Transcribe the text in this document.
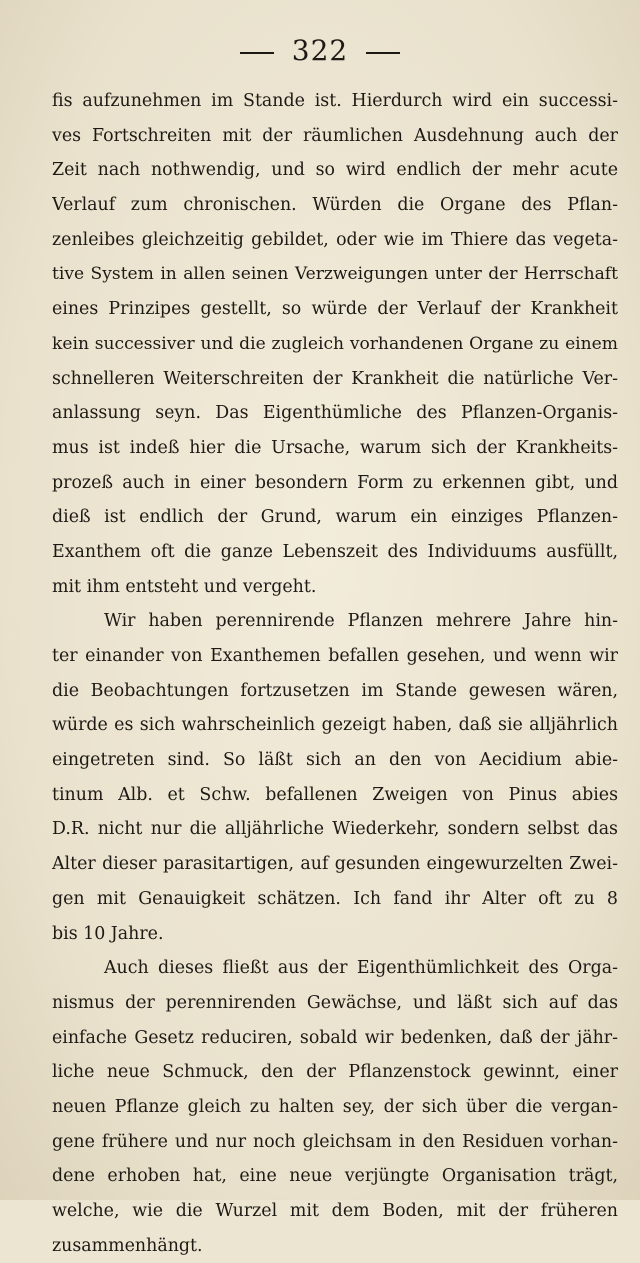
322
fis aufzunehmen im Stande ist. Hierdurch wird ein successi-
ves Fortschreiten mit der räumlichen Ausdehnung auch der
Zeit nach nothwendig, und so wird endlich der mehr acute
Verlauf zum chronischen. Würden die Organe des Pflan-
zenleibes gleichzeitig gebildet, oder wie im Thiere das vegeta-
tive System in allen seinen Verzweigungen unter der Herrschaft
eines Prinzipes gestellt, so würde der Verlauf der Krankheit
kein successiver und die zugleich vorhandenen Organe zu einem
schnelleren Weiterschreiten der Krankheit die natürliche Ver-
anlassung seyn. Das Eigenthümliche des Pflanzen-Organis-
mus ist indeß hier die Ursache, warum sich der Krankheits-
prozeß auch in einer besondern Form zu erkennen gibt, und
dieß ist endlich der Grund, warum ein einziges Pflanzen-
Exanthem oft die ganze Lebenszeit des Individuums ausfüllt,
mit ihm entsteht und vergeht.
Wir haben perennirende Pflanzen mehrere Jahre hin-
ter einander von Exanthemen befallen gesehen, und wenn wir
die Beobachtungen fortzusetzen im Stande gewesen wären,
würde es sich wahrscheinlich gezeigt haben, daß sie alljährlich
eingetreten sind. So läßt sich an den von Aecidium abie-
tinum Alb. et Schw. befallenen Zweigen von Pinus abies
D.R. nicht nur die alljährliche Wiederkehr, sondern selbst das
Alter dieser parasitartigen, auf gesunden eingewurzelten Zwei-
gen mit Genauigkeit schätzen. Ich fand ihr Alter oft zu 8
bis 10 Jahre.
Auch dieses fließt aus der Eigenthümlichkeit des Orga-
nismus der perennirenden Gewächse, und läßt sich auf das
einfache Gesetz reduciren, sobald wir bedenken, daß der jähr-
liche neue Schmuck, den der Pflanzenstock gewinnt, einer
neuen Pflanze gleich zu halten sey, der sich über die vergan-
gene frühere und nur noch gleichsam in den Residuen vorhan-
dene erhoben hat, eine neue verjüngte Organisation trägt,
welche, wie die Wurzel mit dem Boden, mit der früheren
zusammenhängt.
